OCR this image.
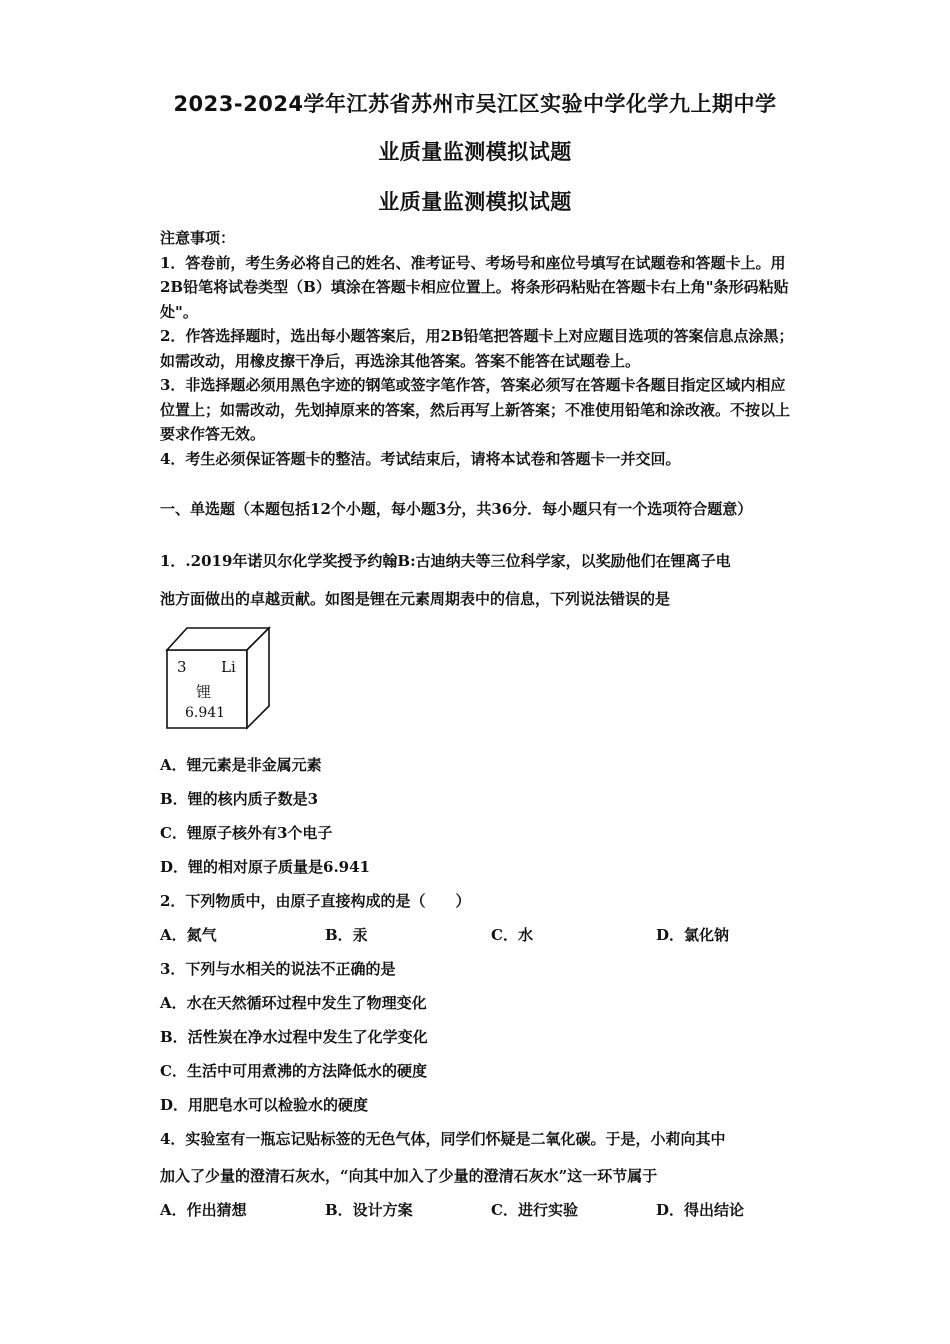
2023-2024学年江苏省苏州市吴江区实验中学化学九上期中学
业质量监测模拟试题
业质量监测模拟试题

注意事项：

1．答卷前，考生务必将自己的姓名、准考证号、考场号和座位号填写在试题卷和答题卡上。用2B铅笔将试卷类型（B）填涂在答题卡相应位置上。将条形码粘贴在答题卡右上角"条形码粘贴处"。

2．作答选择题时，选出每小题答案后，用2B铅笔把答题卡上对应题目选项的答案信息点涂黑；如需改动，用橡皮擦干净后，再选涂其他答案。答案不能答在试题卷上。

3．非选择题必须用黑色字迹的钢笔或签字笔作答，答案必须写在答题卡各题目指定区域内相应位置上；如需改动，先划掉原来的答案，然后再写上新答案；不准使用铅笔和涂改液。不按以上要求作答无效。

4．考生必须保证答题卡的整洁。考试结束后，请将本试卷和答题卡一并交回。

一、单选题（本题包括12个小题，每小题3分，共36分．每小题只有一个选项符合题意）
1．.2019年诺贝尔化学奖授予约翰B:古迪纳夫等三位科学家，以奖励他们在锂离子电
池方面做出的卓越贡献。如图是锂在元素周期表中的信息，下列说法错误的是
3 Li
锂
6.941
A．锂元素是非金属元素
B．锂的核内质子数是3
C．锂原子核外有3个电子
D．锂的相对原子质量是6.941
2．下列物质中，由原子直接构成的是（　　）
A．氮气	B．汞	C．水	D．氯化钠
3．下列与水相关的说法不正确的是
A．水在天然循环过程中发生了物理变化
B．活性炭在净水过程中发生了化学变化
C．生活中可用煮沸的方法降低水的硬度
D．用肥皂水可以检验水的硬度
4．实验室有一瓶忘记贴标签的无色气体，同学们怀疑是二氧化碳。于是，小莉向其中
加入了少量的澄清石灰水，“向其中加入了少量的澄清石灰水”这一环节属于
A．作出猜想	B．设计方案	C．进行实验	D．得出结论
